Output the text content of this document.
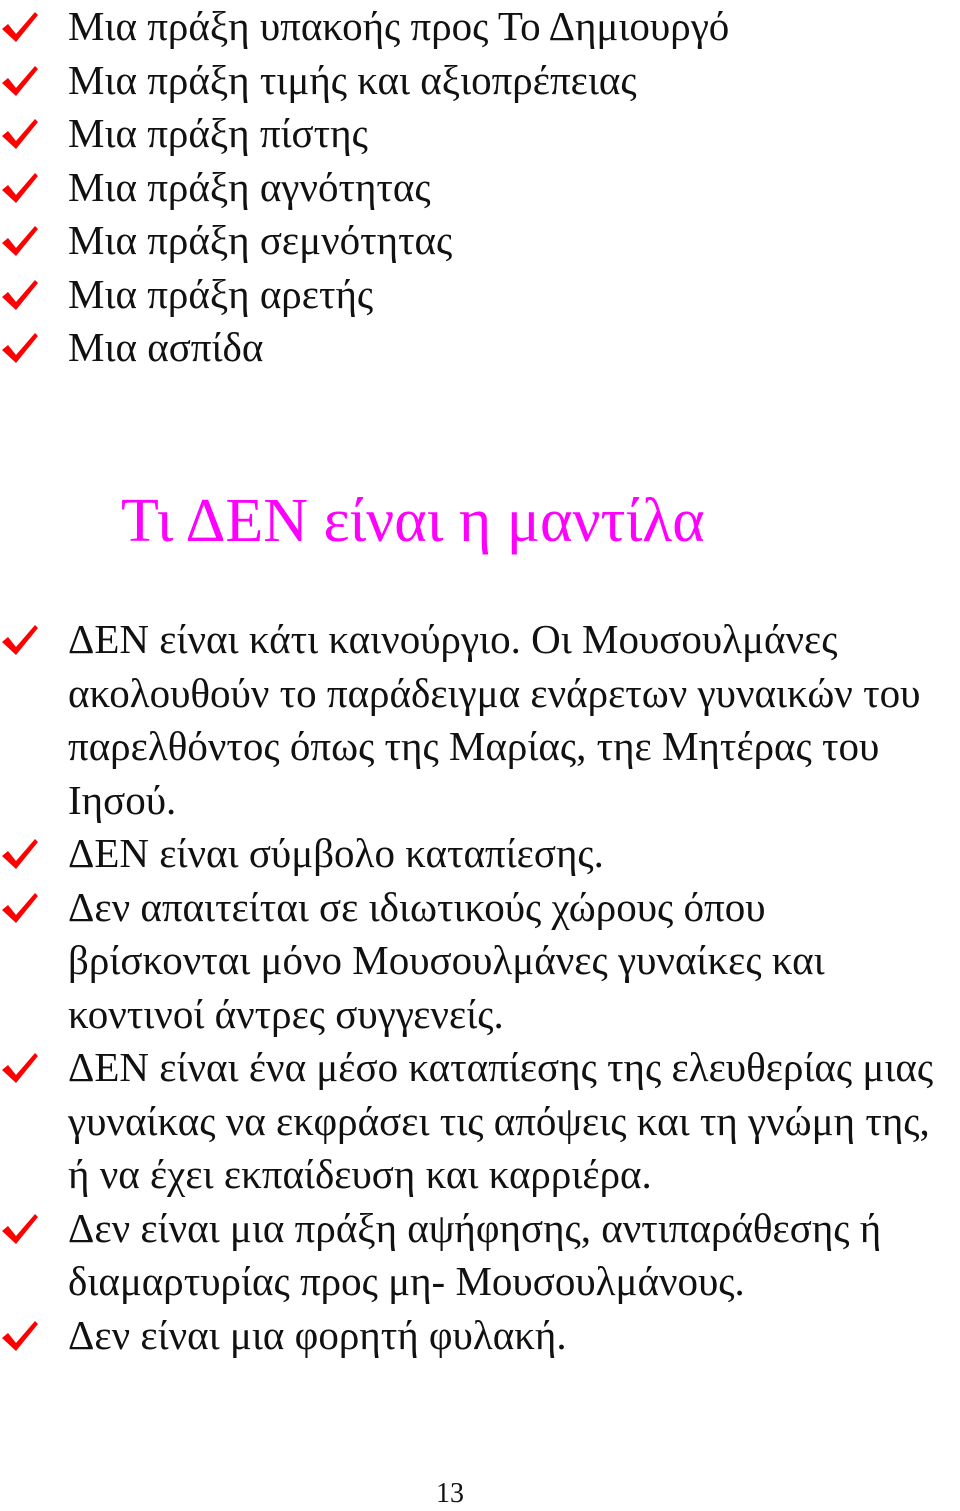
Μια πράξη υπακοής προς Το Δημιουργό
Μια πράξη τιμής και αξιοπρέπειας
Μια πράξη πίστης
Μια πράξη αγνότητας
Μια πράξη σεμνότητας
Μια πράξη αρετής
Μια ασπίδα
Τι ΔΕΝ είναι η μαντίλα
ΔΕΝ είναι κάτι καινούργιο. Οι Μουσουλμάνες ακολουθούν το παράδειγμα ενάρετων γυναικών του παρελθόντος όπως της Μαρίας, τηε Μητέρας του Ιησού.
ΔΕΝ είναι σύμβολο καταπίεσης.
Δεν απαιτείται σε ιδιωτικούς χώρους όπου βρίσκονται μόνο Μουσουλμάνες γυναίκες και κοντινοί άντρες συγγενείς.
ΔΕΝ είναι ένα μέσο καταπίεσης της ελευθερίας μιας γυναίκας να εκφράσει τις απόψεις και τη γνώμη της, ή να έχει εκπαίδευση και καρριέρα.
Δεν είναι μια πράξη αψήφησης, αντιπαράθεσης ή διαμαρτυρίας προς μη- Μουσουλμάνους.
Δεν είναι μια φορητή φυλακή.
13
